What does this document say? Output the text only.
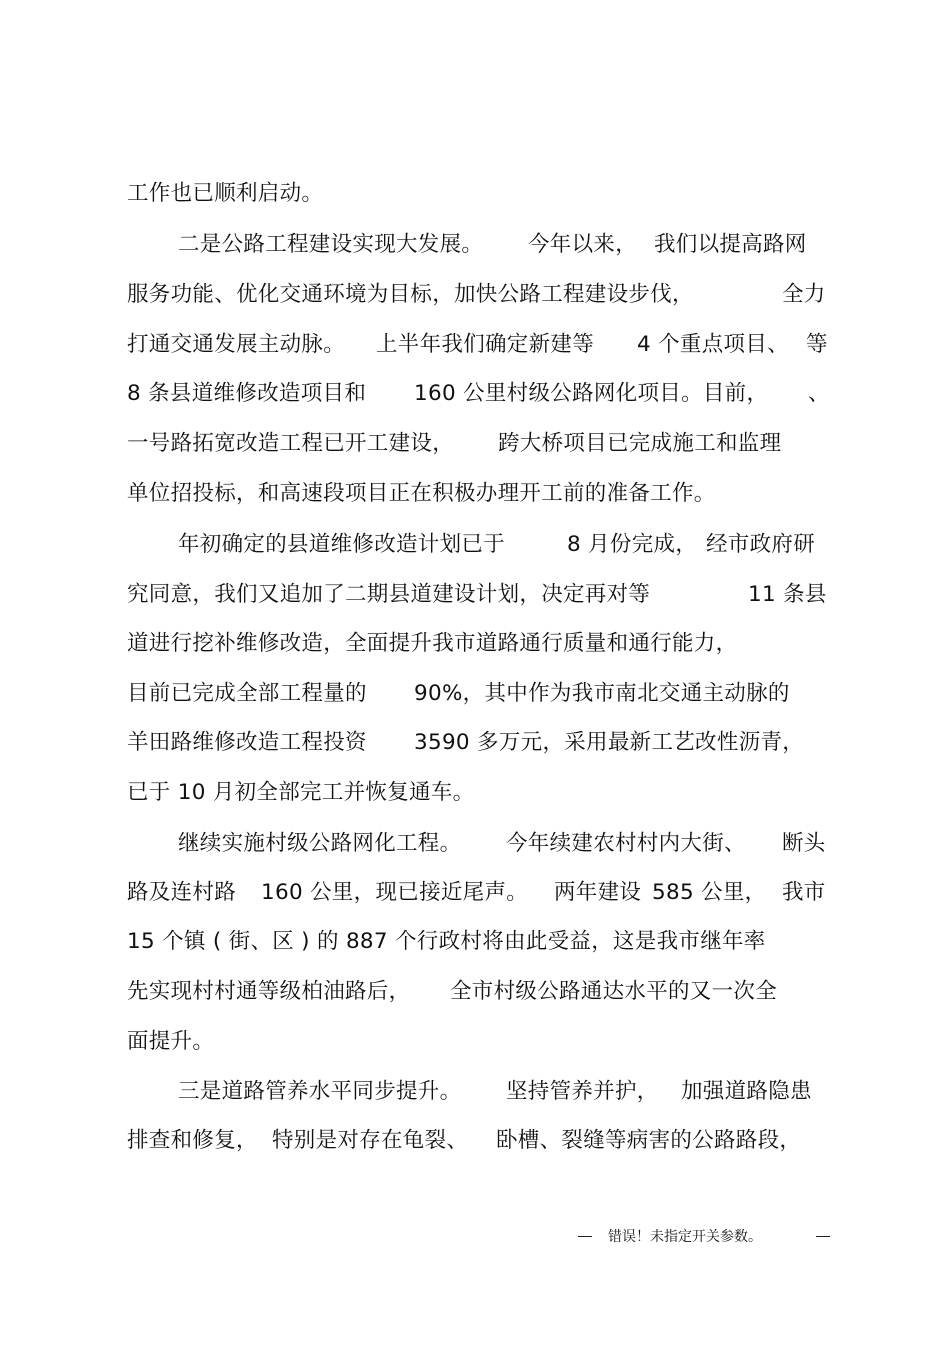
工作也已顺利启动。
二是公路工程建设实现大发展。 今年以来， 我们以提高路网
服务功能、优化交通环境为目标，加快公路工程建设步伐，	全力
打通交通发展主动脉。 上半年我们确定新建等 4 个重点项目、 等
8 条县道维修改造项目和 160 公里村级公路网化项目。目前， 、
一号路拓宽改造工程已开工建设， 跨大桥项目已完成施工和监理
单位招投标，和高速段项目正在积极办理开工前的准备工作。
年初确定的县道维修改造计划已于	8 月份完成， 经市政府研
究同意，我们又追加了二期县道建设计划，决定再对等	11 条县
道进行挖补维修改造，全面提升我市道路通行质量和通行能力，
目前已完成全部工程量的 90%，其中作为我市南北交通主动脉的
羊田路维修改造工程投资 3590 多万元，采用最新工艺改性沥青，
已于 10 月初全部完工并恢复通车。
继续实施村级公路网化工程。 今年续建农村村内大街、 断头
路及连村路 160 公里，现已接近尾声。 两年建设 585 公里， 我市
15 个镇 ( 街、区 ) 的 887 个行政村将由此受益，这是我市继年率
先实现村村通等级柏油路后， 全市村级公路通达水平的又一次全
面提升。
三是道路管养水平同步提升。 坚持管养并护， 加强道路隐患
排查和修复， 特别是对存在龟裂、 卧槽、裂缝等病害的公路路段，
错误！未指定开关参数。
